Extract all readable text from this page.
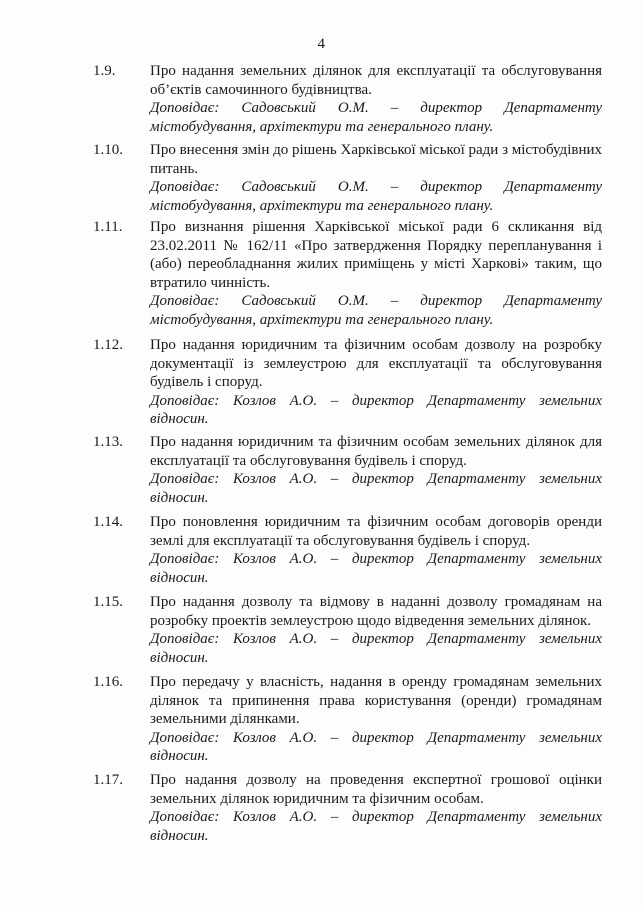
4
1.9. Про надання земельних ділянок для експлуатації та обслуговування об’єктів самочинного будівництва.
Доповідає: Садовський О.М. – директор Департаменту містобудування, архітектури та генерального плану.
1.10. Про внесення змін до рішень Харківської міської ради з містобудівних питань.
Доповідає: Садовський О.М. – директор Департаменту містобудування, архітектури та генерального плану.
1.11. Про визнання рішення Харківської міської ради 6 скликання від 23.02.2011 № 162/11 «Про затвердження Порядку перепланування і (або) переобладнання жилих приміщень у місті Харкові» таким, що втратило чинність.
Доповідає: Садовський О.М. – директор Департаменту містобудування, архітектури та генерального плану.
1.12. Про надання юридичним та фізичним особам дозволу на розробку документації із землеустрою для експлуатації та обслуговування будівель і споруд.
Доповідає: Козлов А.О. – директор Департаменту земельних відносин.
1.13. Про надання юридичним та фізичним особам земельних ділянок для експлуатації та обслуговування будівель і споруд.
Доповідає: Козлов А.О. – директор Департаменту земельних відносин.
1.14. Про поновлення юридичним та фізичним особам договорів оренди землі для експлуатації та обслуговування будівель і споруд.
Доповідає: Козлов А.О. – директор Департаменту земельних відносин.
1.15. Про надання дозволу та відмову в наданні дозволу громадянам на розробку проектів землеустрою щодо відведення земельних ділянок.
Доповідає: Козлов А.О. – директор Департаменту земельних відносин.
1.16. Про передачу у власність, надання в оренду громадянам земельних ділянок та припинення права користування (оренди) громадянам земельними ділянками.
Доповідає: Козлов А.О. – директор Департаменту земельних відносин.
1.17. Про надання дозволу на проведення експертної грошової оцінки земельних ділянок юридичним та фізичним особам.
Доповідає: Козлов А.О. – директор Департаменту земельних відносин.
